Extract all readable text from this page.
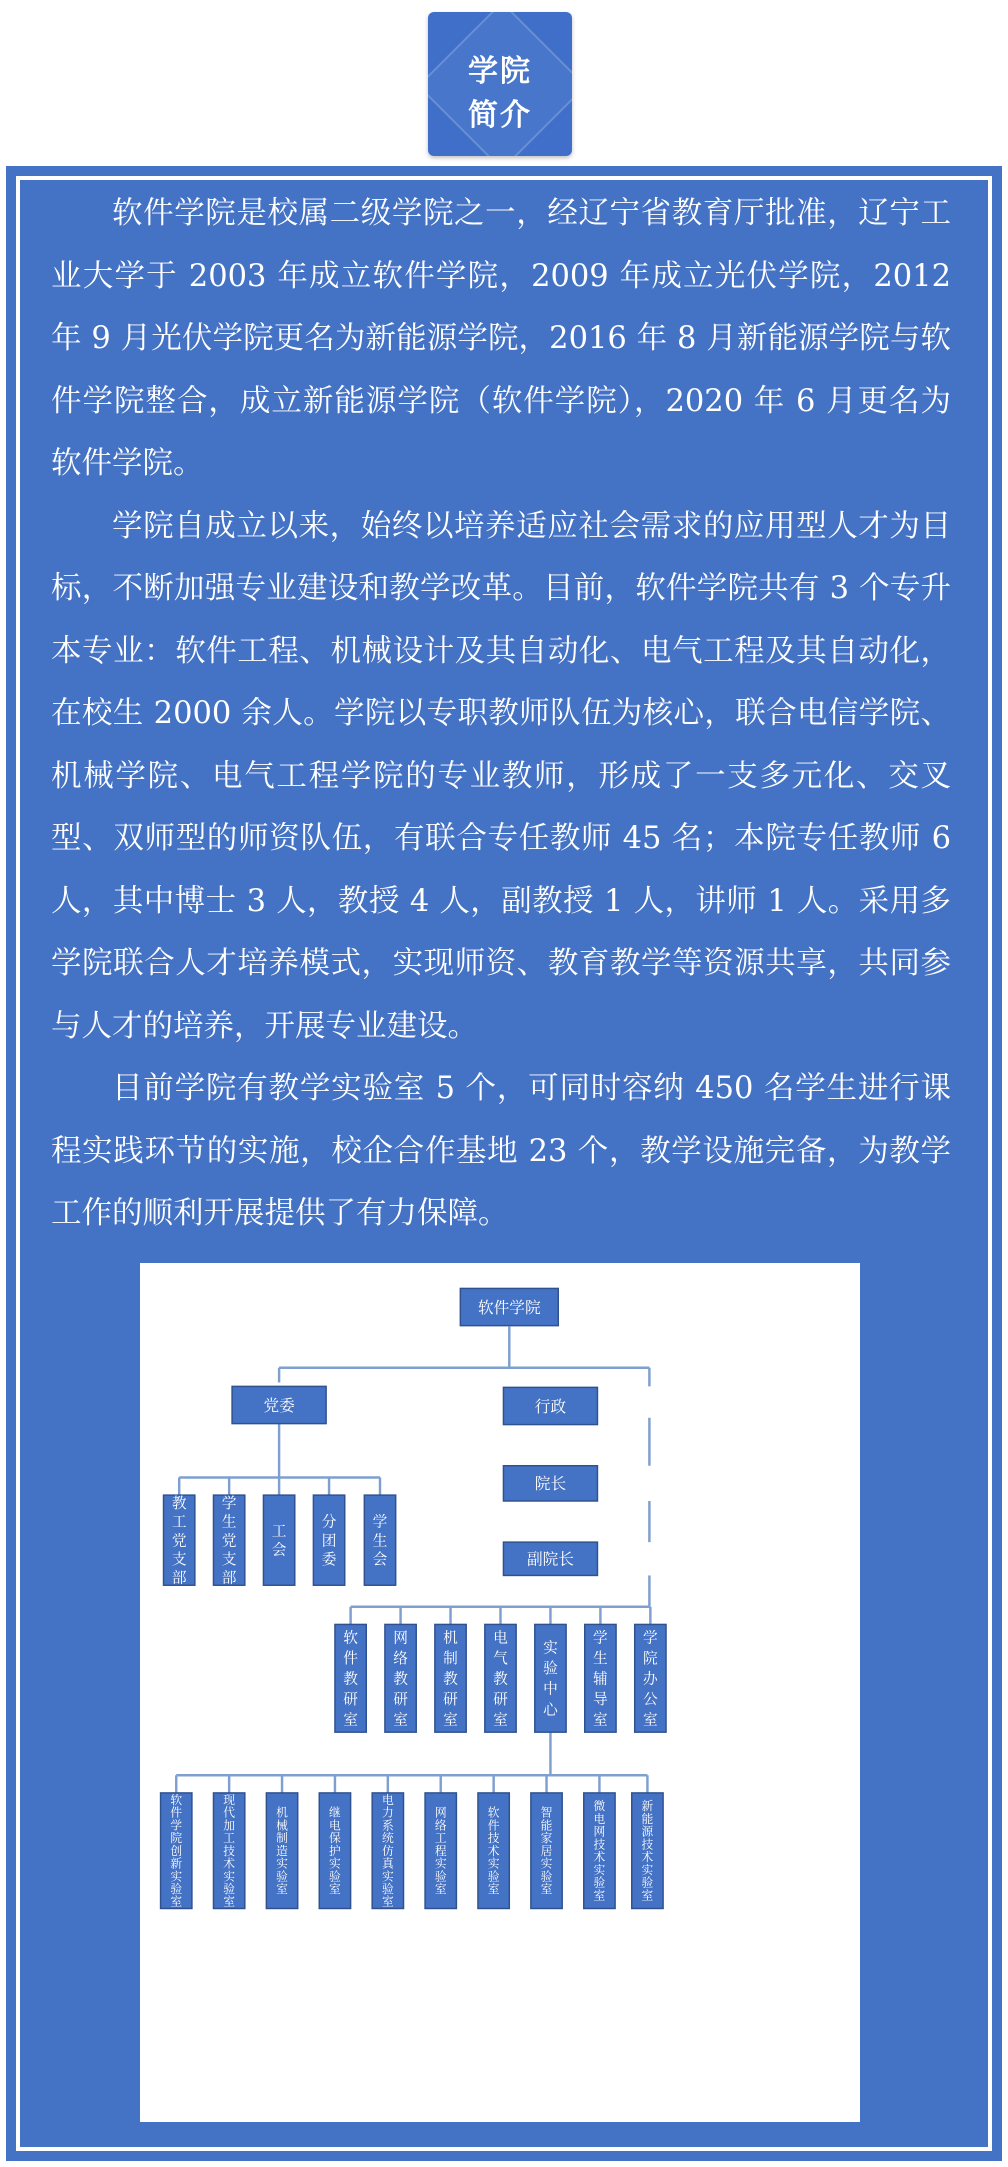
学院
简介

软件学院是校属二级学院之一，经辽宁省教育厅批准，辽宁工业大学于 2003 年成立软件学院，2009 年成立光伏学院，2012 年 9 月光伏学院更名为新能源学院，2016 年 8 月新能源学院与软件学院整合，成立新能源学院（软件学院），2020 年 6 月更名为软件学院。

学院自成立以来，始终以培养适应社会需求的应用型人才为目标，不断加强专业建设和教学改革。目前，软件学院共有 3 个专升本专业：软件工程、机械设计及其自动化、电气工程及其自动化，在校生 2000 余人。学院以专职教师队伍为核心，联合电信学院、机械学院、电气工程学院的专业教师，形成了一支多元化、交叉型、双师型的师资队伍，有联合专任教师 45 名；本院专任教师 6 人，其中博士 3 人，教授 4 人，副教授 1 人，讲师 1 人。采用多学院联合人才培养模式，实现师资、教育教学等资源共享，共同参与人才的培养，开展专业建设。

目前学院有教学实验室 5 个，可同时容纳 450 名学生进行课程实践环节的实施，校企合作基地 23 个，教学设施完备，为教学工作的顺利开展提供了有力保障。

软件学院
党委	行政
院长
副院长
教工党支部
学生党支部
工会
分团委
学生会
软件教研室
网络教研室
机制教研室
电气教研室
实验中心
学生辅导室
学院办公室
软件学院创新实验室
现代加工技术实验室
机械制造实验室
继电保护实验室
电力系统仿真实验室
网络工程实验室
软件技术实验室
智能家居实验室
微电网技术实验室
新能源技术实验室
